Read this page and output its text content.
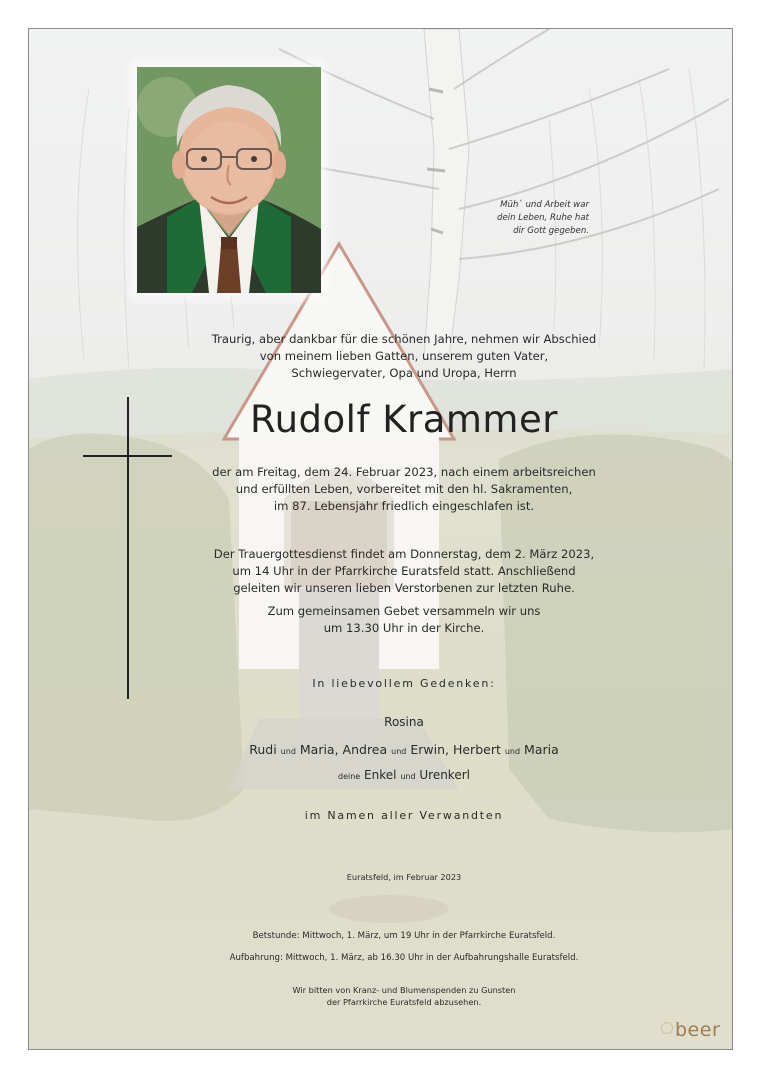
Müh` und Arbeit war
dein Leben, Ruhe hat
dir Gott gegeben.
Traurig, aber dankbar für die schönen Jahre, nehmen wir Abschied
von meinem lieben Gatten, unserem guten Vater,
Schwiegervater, Opa und Uropa, Herrn
Rudolf Krammer
der am Freitag, dem 24. Februar 2023, nach einem arbeitsreichen
und erfüllten Leben, vorbereitet mit den hl. Sakramenten,
im 87. Lebensjahr friedlich eingeschlafen ist.
Der Trauergottesdienst findet am Donnerstag, dem 2. März 2023,
um 14 Uhr in der Pfarrkirche Euratsfeld statt. Anschließend
geleiten wir unseren lieben Verstorbenen zur letzten Ruhe.
Zum gemeinsamen Gebet versammeln wir uns
um 13.30 Uhr in der Kirche.
In liebevollem Gedenken:
Rosina
Rudi und Maria, Andrea und Erwin, Herbert und Maria
deine Enkel und Urenkerl
im Namen aller Verwandten
Euratsfeld, im Februar 2023
Betstunde: Mittwoch, 1. März, um 19 Uhr in der Pfarrkirche Euratsfeld.
Aufbahrung: Mittwoch, 1. März, ab 16.30 Uhr in der Aufbahrungshalle Euratsfeld.
Wir bitten von Kranz- und Blumenspenden zu Gunsten
der Pfarrkirche Euratsfeld abzusehen.
beer
